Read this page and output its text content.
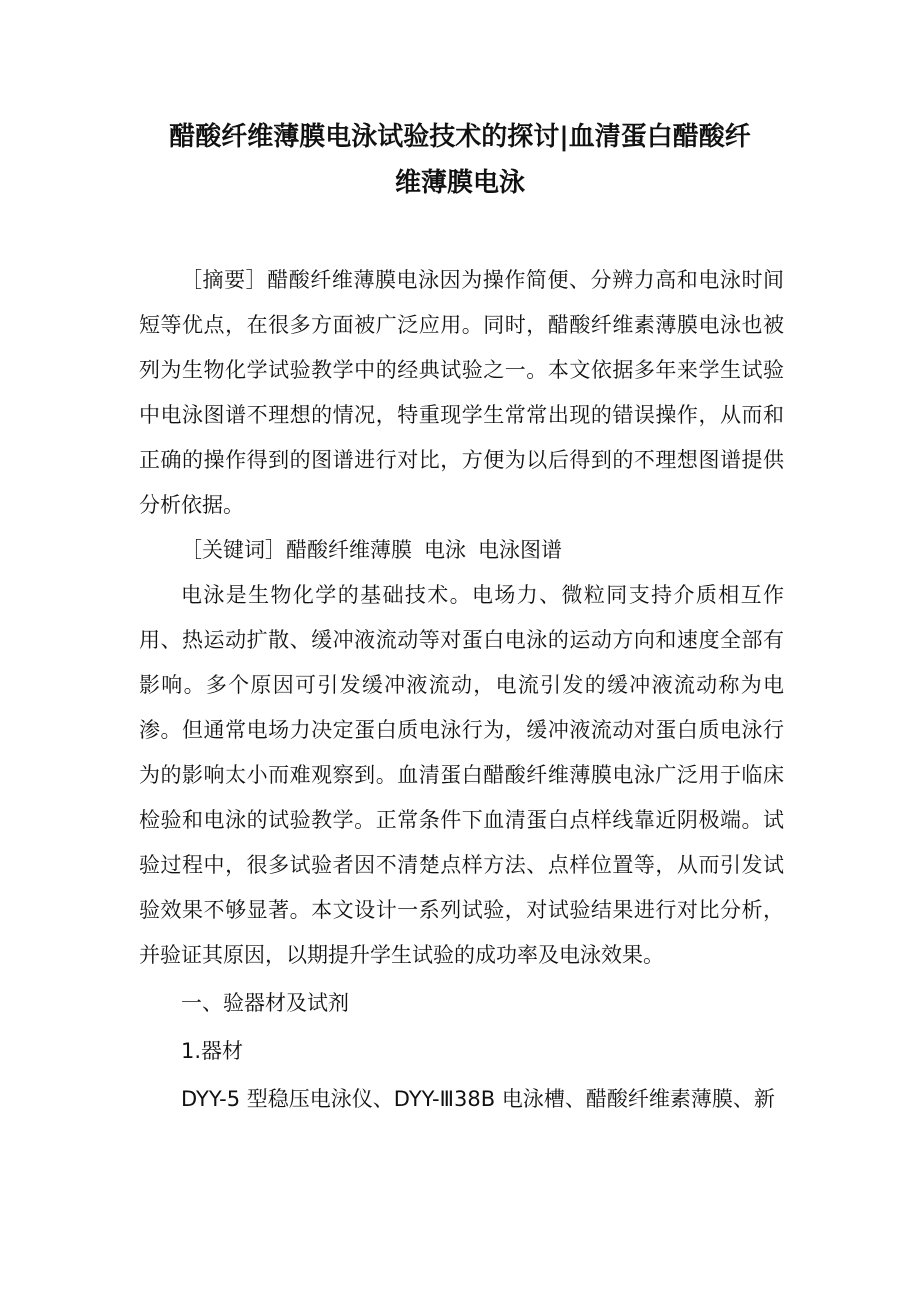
醋酸纤维薄膜电泳试验技术的探讨|血清蛋白醋酸纤
维薄膜电泳

［摘要］醋酸纤维薄膜电泳因为操作简便、分辨力高和电泳时间短等优点，在很多方面被广泛应用。同时，醋酸纤维素薄膜电泳也被列为生物化学试验教学中的经典试验之一。本文依据多年来学生试验中电泳图谱不理想的情况，特重现学生常常出现的错误操作，从而和正确的操作得到的图谱进行对比，方便为以后得到的不理想图谱提供分析依据。

［关键词］醋酸纤维薄膜 电泳 电泳图谱

电泳是生物化学的基础技术。电场力、微粒同支持介质相互作用、热运动扩散、缓冲液流动等对蛋白电泳的运动方向和速度全部有影响。多个原因可引发缓冲液流动，电流引发的缓冲液流动称为电渗。但通常电场力决定蛋白质电泳行为，缓冲液流动对蛋白质电泳行为的影响太小而难观察到。血清蛋白醋酸纤维薄膜电泳广泛用于临床检验和电泳的试验教学。正常条件下血清蛋白点样线靠近阴极端。试验过程中，很多试验者因不清楚点样方法、点样位置等，从而引发试验效果不够显著。本文设计一系列试验，对试验结果进行对比分析，并验证其原因，以期提升学生试验的成功率及电泳效果。

一、验器材及试剂

1.器材

DYY-5 型稳压电泳仪、DYY-Ⅲ38B 电泳槽、醋酸纤维素薄膜、新
